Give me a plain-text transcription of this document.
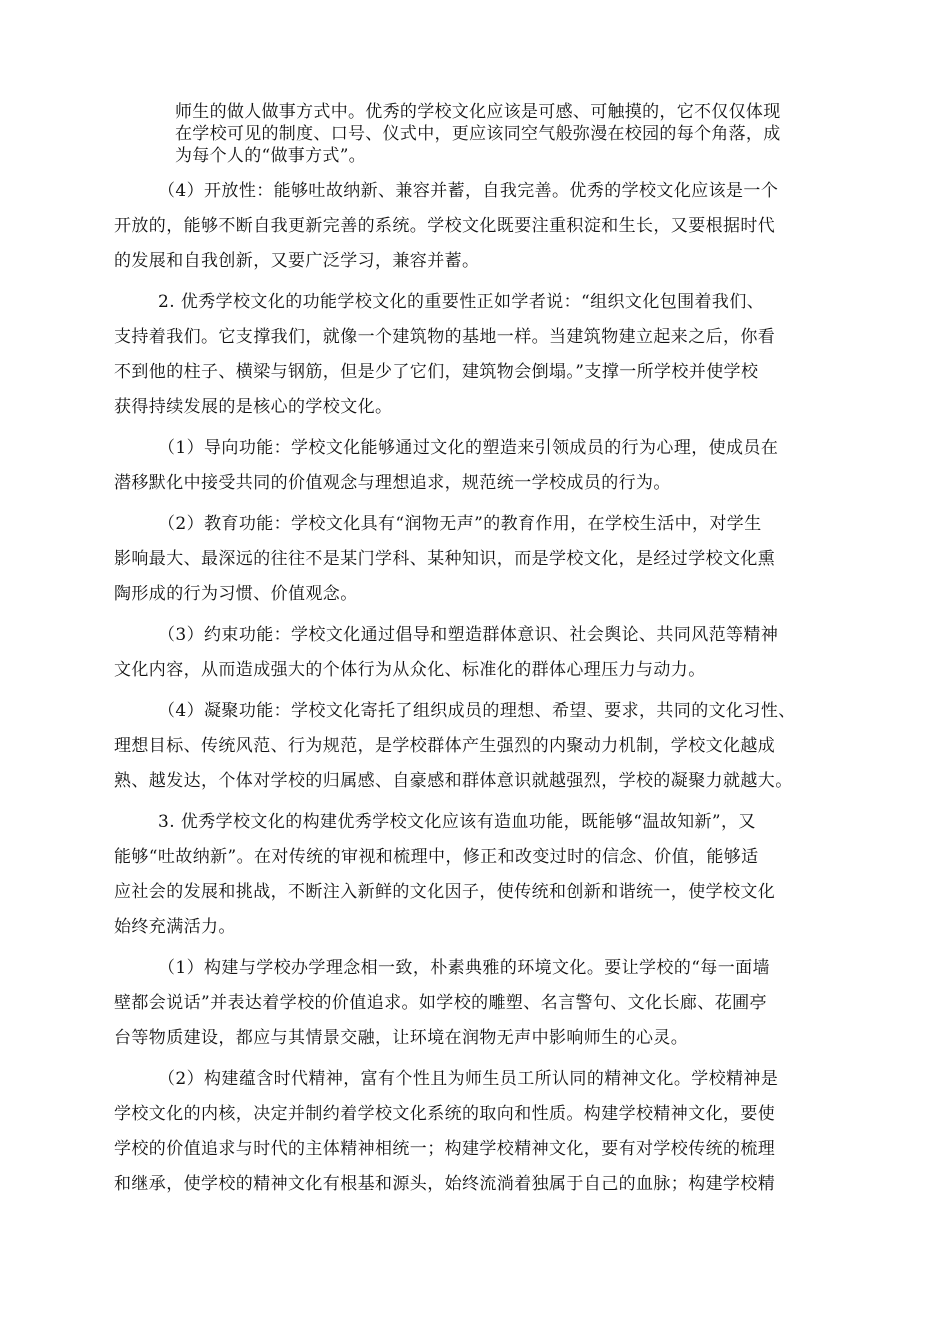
师生的做人做事方式中。优秀的学校文化应该是可感、可触摸的，它不仅仅体现
在学校可见的制度、口号、仪式中，更应该同空气般弥漫在校园的每个角落，成
为每个人的“做事方式”。
（4）开放性：能够吐故纳新、兼容并蓄，自我完善。优秀的学校文化应该是一个
开放的，能够不断自我更新完善的系统。学校文化既要注重积淀和生长，又要根据时代
的发展和自我创新，又要广泛学习，兼容并蓄。
2. 优秀学校文化的功能学校文化的重要性正如学者说：“组织文化包围着我们、
支持着我们。它支撑我们，就像一个建筑物的基地一样。当建筑物建立起来之后，你看
不到他的柱子、横梁与钢筋，但是少了它们，建筑物会倒塌。”支撑一所学校并使学校
获得持续发展的是核心的学校文化。
（1）导向功能：学校文化能够通过文化的塑造来引领成员的行为心理，使成员在
潜移默化中接受共同的价值观念与理想追求，规范统一学校成员的行为。
（2）教育功能：学校文化具有“润物无声”的教育作用，在学校生活中，对学生
影响最大、最深远的往往不是某门学科、某种知识，而是学校文化，是经过学校文化熏
陶形成的行为习惯、价值观念。
（3）约束功能：学校文化通过倡导和塑造群体意识、社会舆论、共同风范等精神
文化内容，从而造成强大的个体行为从众化、标准化的群体心理压力与动力。
（4）凝聚功能：学校文化寄托了组织成员的理想、希望、要求，共同的文化习性、
理想目标、传统风范、行为规范，是学校群体产生强烈的内聚动力机制，学校文化越成
熟、越发达，个体对学校的归属感、自豪感和群体意识就越强烈，学校的凝聚力就越大。
3. 优秀学校文化的构建优秀学校文化应该有造血功能，既能够“温故知新”，又
能够“吐故纳新”。在对传统的审视和梳理中，修正和改变过时的信念、价值，能够适
应社会的发展和挑战，不断注入新鲜的文化因子，使传统和创新和谐统一，使学校文化
始终充满活力。
（1）构建与学校办学理念相一致，朴素典雅的环境文化。要让学校的“每一面墙
壁都会说话”并表达着学校的价值追求。如学校的雕塑、名言警句、文化长廊、花圃亭
台等物质建设，都应与其情景交融，让环境在润物无声中影响师生的心灵。
（2）构建蕴含时代精神，富有个性且为师生员工所认同的精神文化。学校精神是
学校文化的内核，决定并制约着学校文化系统的取向和性质。构建学校精神文化，要使
学校的价值追求与时代的主体精神相统一；构建学校精神文化，要有对学校传统的梳理
和继承，使学校的精神文化有根基和源头，始终流淌着独属于自己的血脉；构建学校精
